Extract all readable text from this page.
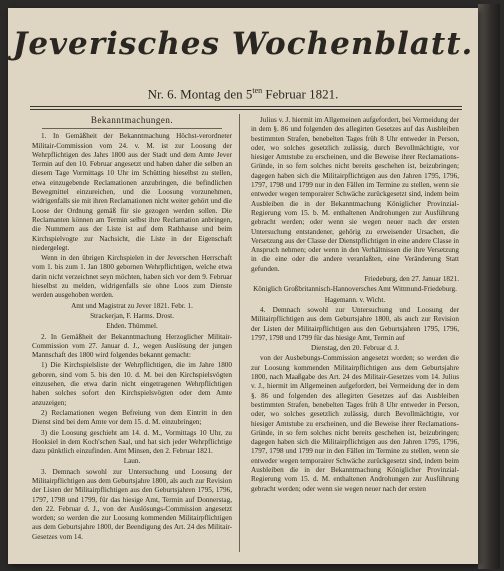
Jeverisches Wochenblatt.
Nr. 6. Montag den $5^{ten}$ Februar 1821.
Bekanntmachungen.

1. In Gemäßheit der Bekanntmachung Höchst-verordneter Militair-Commission vom 24. v. M. ist zur Loosung der Wehrpflichtigen des Jahrs 1800 aus der Stadt und dem Amte Jever Termin auf den 10. Februar angesetzt und haben daher die selben an diesem Tage Vormittags 10 Uhr im Schütting hieselbst zu stellen, etwa einzugebende Reclamationen anzubringen, die befindlichen Bewegmittel einzureichen, und die Loosung vorzunehmen, widrigenfalls sie mit ihren Reclamationen nicht weiter gehört und die Loose der Ordnung gemäß für sie gezogen werden sollen. Die Reclamanten können am Termin selbst ihre Reclamation anbringen, die Nummern aus der Liste ist auf dem Rathhause und beim Kirchspielvogte zur Nachsicht, die Liste in der Eigenschaft niedergelegt.

Wenn in den übrigen Kirchspielen in der Jeverschen Herrschaft vom 1. bis zum 1. Jan 1800 gebornen Wehrpflichtigen, welche etwa darin nicht verzeichnet seyn möchten, haben sich vor dem 9. Februar hieselbst zu melden, widrigenfalls sie ohne Loos zum Dienste werden ausgehoben werden.

Amt und Magistrat zu Jever 1821. Febr. 1.

Strackerjan, F. Harms. Drost.

Ehden. Thümmel.

2. In Gemäßheit der Bekanntmachung Herzoglicher Militair-Commission vom 27. Januar d. J., wegen Auslösung der jungen Mannschaft des 1800 wird folgendes bekannt gemacht:

1) Die Kirchspielsliste der Wehrpflichtigen, die im Jahre 1800 geboren, sind vom 5. bis den 10. d. M. bei den Kirchspielsvögten einzusehen, die etwa darin nicht eingetragenen Wehrpflichtigen haben solches sofort den Kirchspielsvögten oder dem Amte anzuzeigen;

2) Reclamationen wegen Befreiung von dem Eintritt in den Dienst sind bei dem Amte vor dem 15. d. M. einzubringen;

3) die Loosung geschieht am 14. d. M., Vormittags 10 Uhr, zu Hooksiel in dem Koch'schen Saal, und hat sich jeder Wehrpflichtige dazu pünktlich einzufinden. Amt Minsen, den 2. Februar 1821.

Laun.

3. Demnach sowohl zur Untersuchung und Loosung der Militairpflichtigen aus dem Geburtsjahre 1800, als auch zur Revision der Listen der Militairpflichtigen aus den Geburtsjahren 1795, 1796, 1797, 1798 und 1799, für das hiesige Amt, Termin auf Donnerstag, den 22. Februar d. J., von der Auslösungs-Commission angesetzt worden; so werden die zur Loosung kommenden Militairpflichtigen aus dem Geburtsjahre 1800, der Beendigung des Art. 24 des Militair-Gesetzes vom 14.

Julius v. J. hiermit im Allgemeinen aufgefordert, bei Vermeidung der in dem §. 86 und folgenden des allegirten Gesetzes auf das Ausbleiben bestimmten Strafen, benebelten Tages früh 8 Uhr entweder in Person, oder, wo solches gesetzlich zulässig, durch Bevollmächtigte, vor hiesiger Amtstube zu erscheinen, und die Beweise ihrer Reclamations-Gründe, in so fern solches nicht bereits geschehen ist, beizubringen; dagegen haben sich die Militairpflichtigen aus den Jahren 1795, 1796, 1797, 1798 und 1799 nur in den Fällen im Termine zu stellen, wenn sie entweder wegen temporairer Schwäche zurückgesetzt sind, indem beim Ausbleiben die in der Bekanntmachung Königlicher Provinzial-Regierung vom 15. b. M. enthaltenen Androhungen zur Ausführung gebracht werden; oder wenn sie wegen neuer nach der ersten Untersuchung entstandener, gehörig zu erweisender Ursachen, die Versetzung aus der Classe der Dienstpflichtigen in eine andere Classe in Anspruch nehmen; oder wenn in den Verhältnissen die ihre Versetzung in die eine oder die andere veranlaßten, eine Veränderung Statt gefunden.

Friedeburg, den 27. Januar 1821.

Königlich Großbritannisch-Hannoversches Amt Wittmund-Friedeburg.

Hagemann. v. Wicht.

4. Demnach sowohl zur Untersuchung und Loosung der Militairpflichtigen aus dem Geburtsjahre 1800, als auch zur Revision der Listen der Militairpflichtigen aus den Geburtsjahren 1795, 1796, 1797, 1798 und 1799 für das hiesige Amt, Termin auf

Dienstag, den 20. Februar d. J.

von der Ausbebungs-Commission angesetzt worden; so werden die zur Loosung kommenden Militairpflichtigen aus dem Geburtsjahre 1800, nach Maaßgabe des Art. 24 des Militair-Gesetzes vom 14. Julius v. J., hiermit im Allgemeinen aufgefordert, bei Vermeidung der in dem §. 86 und folgenden des allegirten Gesetzes auf das Ausbleiben bestimmten Strafen, benebelten Tages früh 8 Uhr entweder in Person, oder, wo solches gesetzlich zulässig, durch Bevollmächtigte, vor hiesiger Amtstube zu erscheinen, und die Beweise ihrer Reclamations-Gründe, in so fern solches nicht bereits geschehen ist, beizubringen; dagegen haben sich die Militairpflichtigen aus den Jahren 1795, 1796, 1797, 1798 und 1799 nur in den Fällen im Termine zu stellen, wenn sie entweder wegen temporairer Schwäche zurückgesetzt sind, indem beim Ausbleiben die in der Bekanntmachung Königlicher Provinzial-Regierung vom 15. d. M. enthaltenen Androhungen zur Ausführung gebracht werden; oder wenn sie wegen neuer nach der ersten
